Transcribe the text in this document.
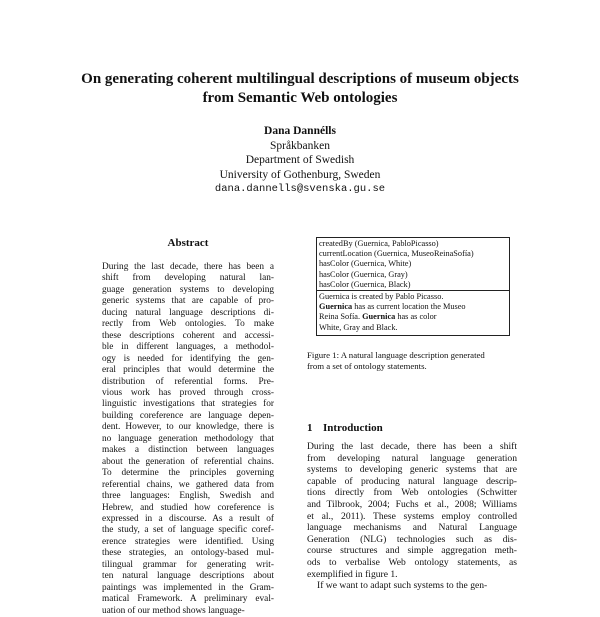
On generating coherent multilingual descriptions of museum objects
from Semantic Web ontologies
Dana Dannélls
Språkbanken
Department of Swedish
University of Gothenburg, Sweden
dana.dannells@svenska.gu.se
Abstract
During the last decade, there has been a
shift from developing natural lan-
guage generation systems to developing
generic systems that are capable of pro-
ducing natural language descriptions di-
rectly from Web ontologies. To make
these descriptions coherent and accessi-
ble in different languages, a methodol-
ogy is needed for identifying the gen-
eral principles that would determine the
distribution of referential forms. Pre-
vious work has proved through cross-
linguistic investigations that strategies for
building coreference are language depen-
dent. However, to our knowledge, there is
no language generation methodology that
makes a distinction between languages
about the generation of referential chains.
To determine the principles governing
referential chains, we gathered data from
three languages: English, Swedish and
Hebrew, and studied how coreference is
expressed in a discourse. As a result of
the study, a set of language specific coref-
erence strategies were identified. Using
these strategies, an ontology-based mul-
tilingual grammar for generating writ-
ten natural language descriptions about
paintings was implemented in the Gram-
matical Framework. A preliminary eval-
uation of our method shows language-
createdBy (Guernica, PabloPicasso)
currentLocation (Guernica, MuseoReinaSofía)
hasColor (Guernica, White)
hasColor (Guernica, Gray)
hasColor (Guernica, Black)
Guernica is created by Pablo Picasso.
Guernica has as current location the Museo
Reina Sofía. Guernica has as color
White, Gray and Black.
Figure 1: A natural language description generated
from a set of ontology statements.
1 Introduction
During the last decade, there has been a shift
from developing natural language generation
systems to developing generic systems that are
capable of producing natural language descrip-
tions directly from Web ontologies (Schwitter
and Tilbrook, 2004; Fuchs et al., 2008; Williams
et al., 2011). These systems employ controlled
language mechanisms and Natural Language
Generation (NLG) technologies such as dis-
course structures and simple aggregation meth-
ods to verbalise Web ontology statements, as
exemplified in figure 1.
If we want to adapt such systems to the gen-
